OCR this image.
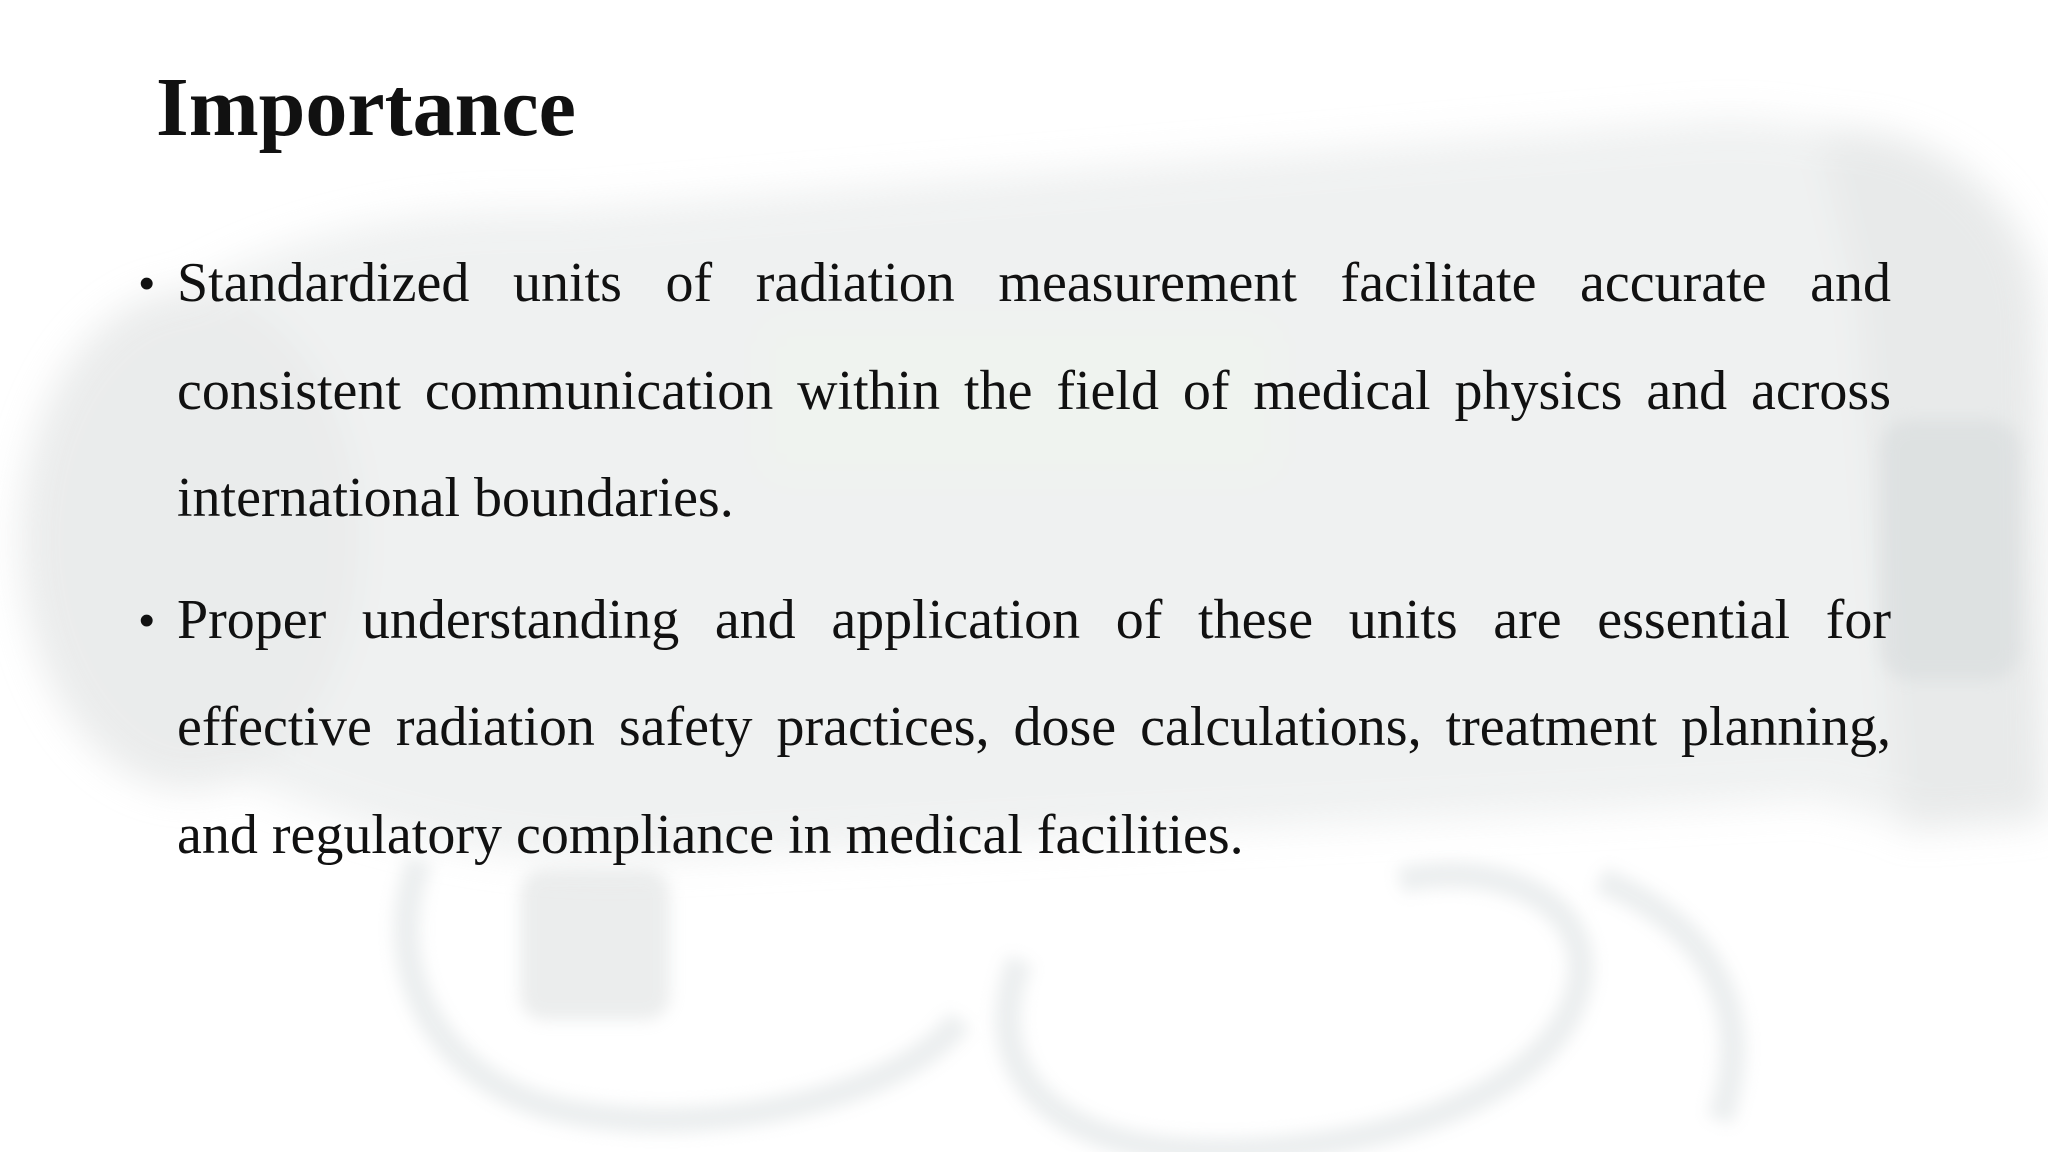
Importance
• Standardized units of radiation measurement facilitate accurate and consistent communication within the field of medical physics and across international boundaries.
• Proper understanding and application of these units are essential for effective radiation safety practices, dose calculations, treatment planning, and regulatory compliance in medical facilities.
